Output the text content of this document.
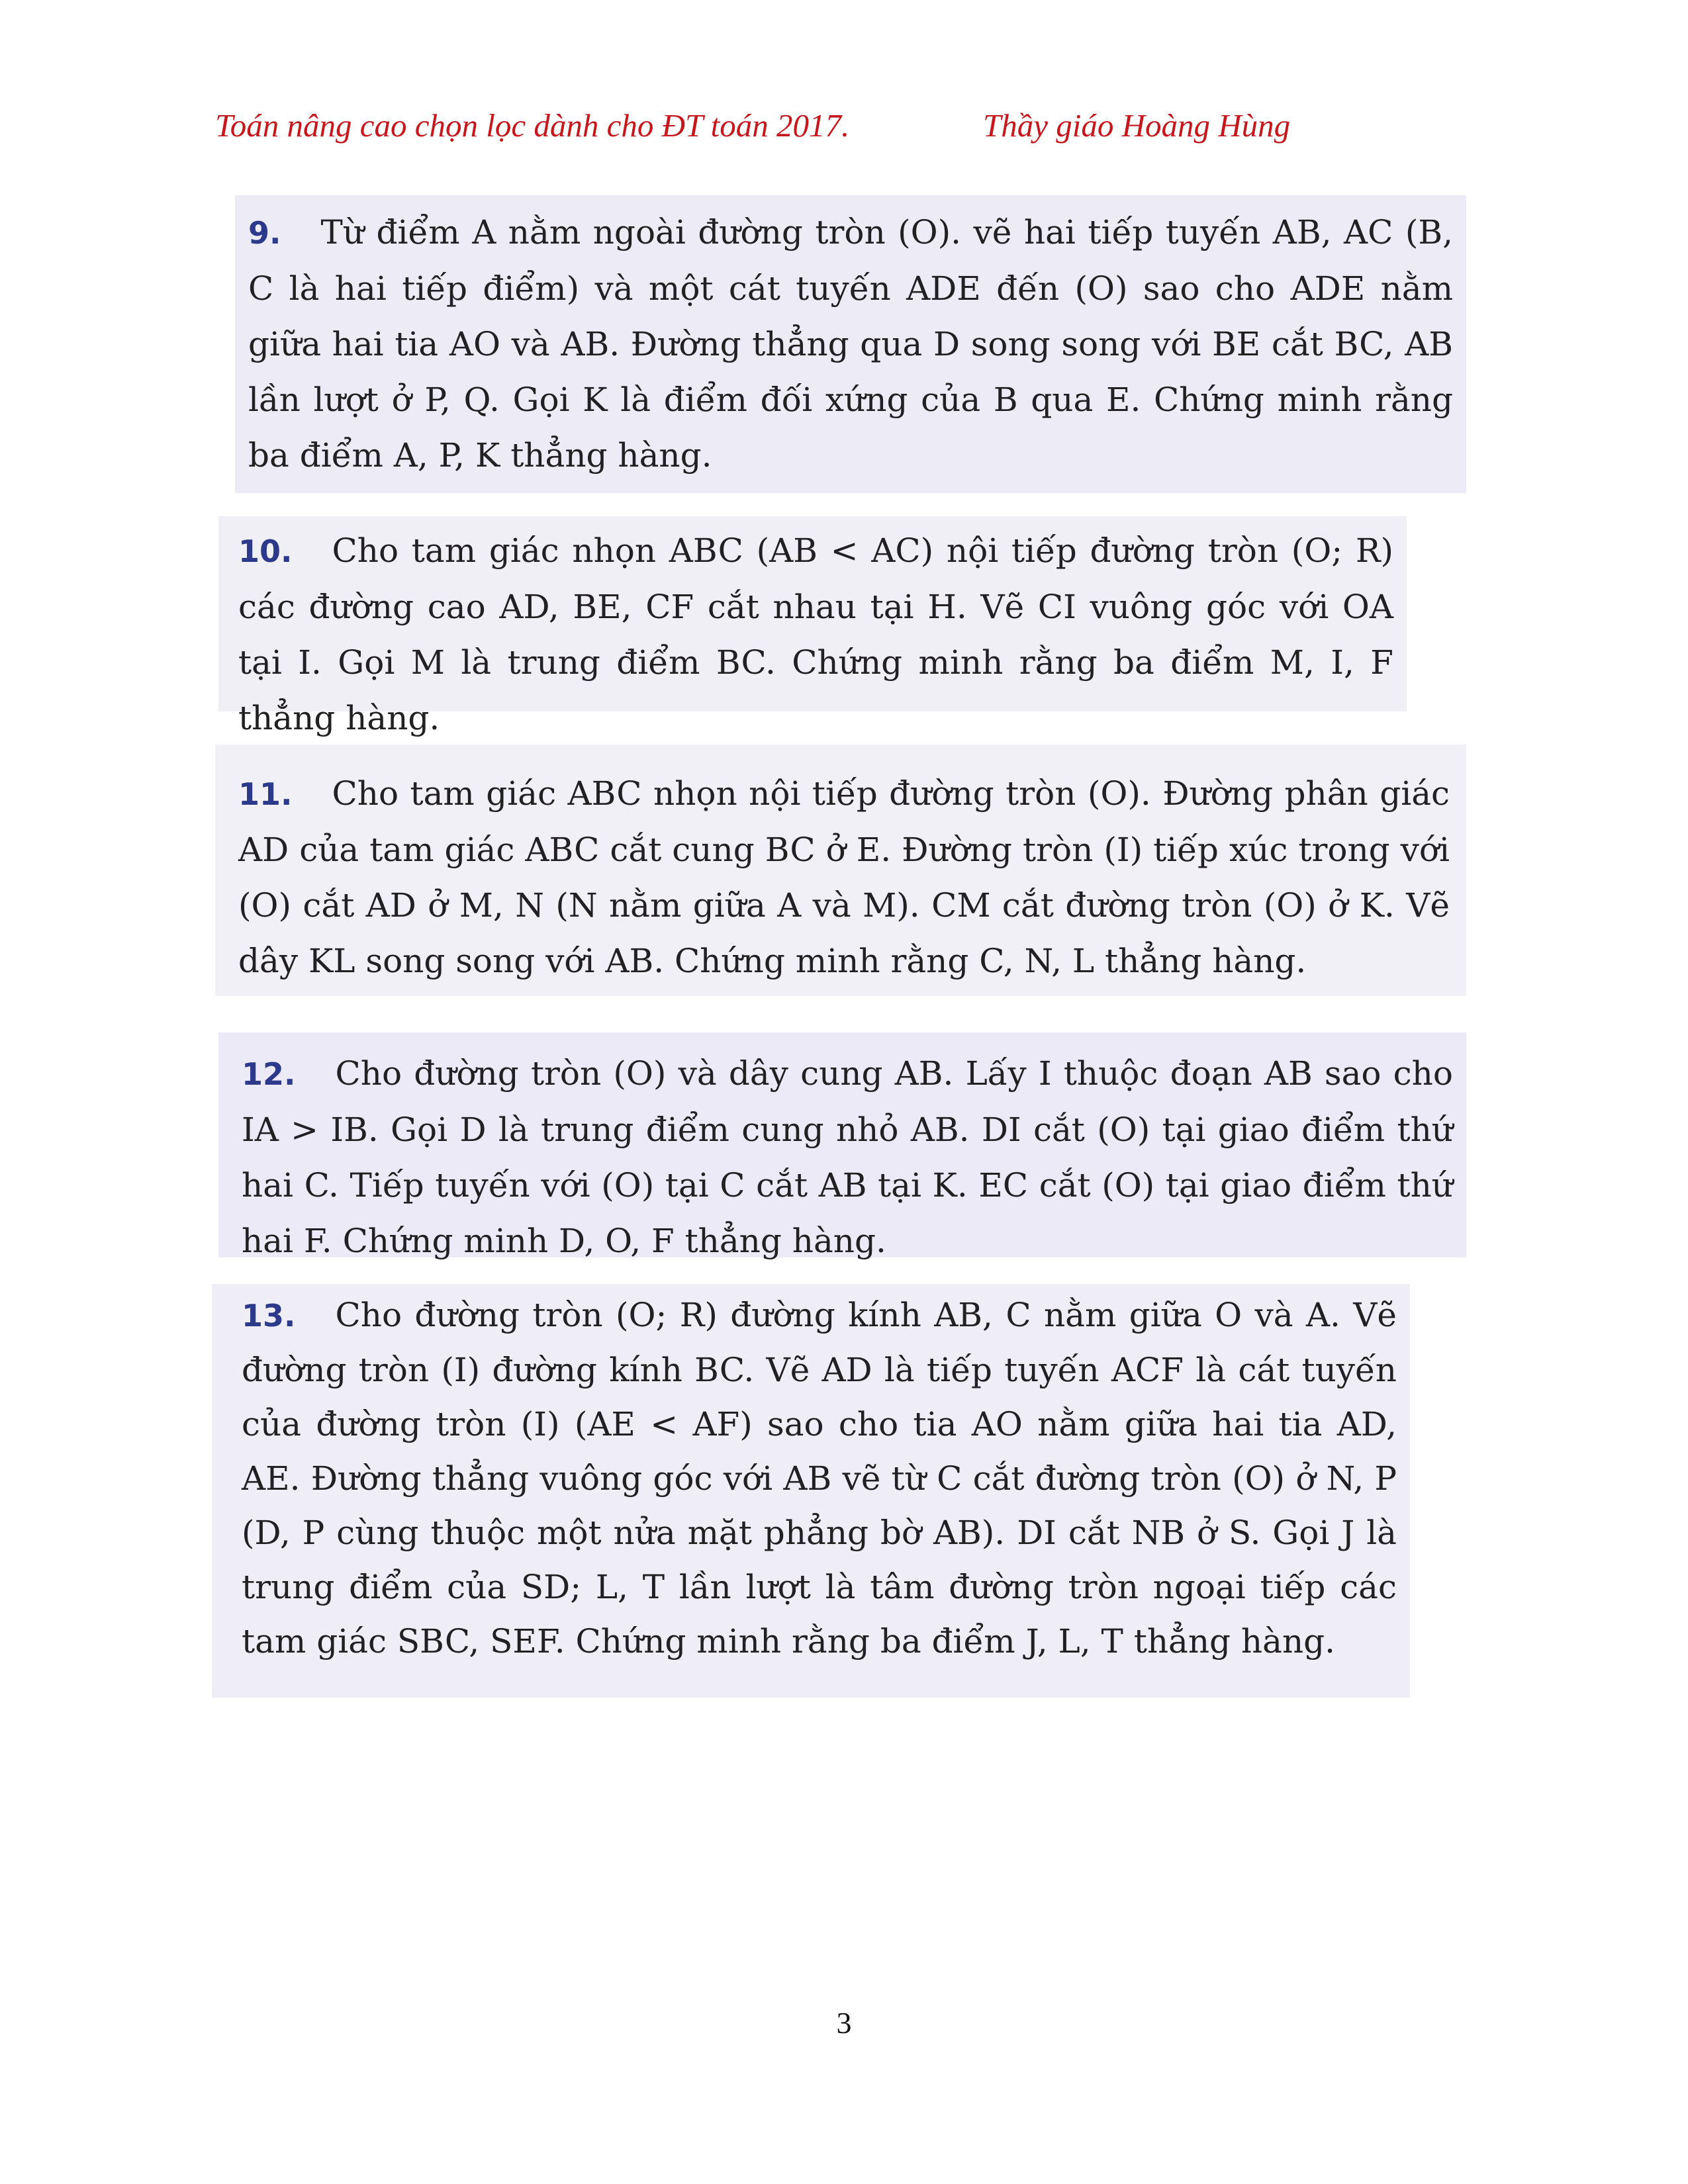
Toán nâng cao chọn lọc dành cho ĐT toán 2017.	Thầy giáo Hoàng Hùng

9. Từ điểm A nằm ngoài đường tròn (O). vẽ hai tiếp tuyến AB, AC (B, C là hai tiếp điểm) và một cát tuyến ADE đến (O) sao cho ADE nằm giữa hai tia AO và AB. Đường thẳng qua D song song với BE cắt BC, AB lần lượt ở P, Q. Gọi K là điểm đối xứng của B qua E. Chứng minh rằng ba điểm A, P, K thẳng hàng.

10. Cho tam giác nhọn ABC (AB < AC) nội tiếp đường tròn (O; R) các đường cao AD, BE, CF cắt nhau tại H. Vẽ CI vuông góc với OA tại I. Gọi M là trung điểm BC. Chứng minh rằng ba điểm M, I, F thẳng hàng.

11. Cho tam giác ABC nhọn nội tiếp đường tròn (O). Đường phân giác AD của tam giác ABC cắt cung BC ở E. Đường tròn (I) tiếp xúc trong với (O) cắt AD ở M, N (N nằm giữa A và M). CM cắt đường tròn (O) ở K. Vẽ dây KL song song với AB. Chứng minh rằng C, N, L thẳng hàng.

12. Cho đường tròn (O) và dây cung AB. Lấy I thuộc đoạn AB sao cho IA > IB. Gọi D là trung điểm cung nhỏ AB. DI cắt (O) tại giao điểm thứ hai C. Tiếp tuyến với (O) tại C cắt AB tại K. EC cắt (O) tại giao điểm thứ hai F. Chứng minh D, O, F thẳng hàng.

13. Cho đường tròn (O; R) đường kính AB, C nằm giữa O và A. Vẽ đường tròn (I) đường kính BC. Vẽ AD là tiếp tuyến ACF là cát tuyến của đường tròn (I) (AE < AF) sao cho tia AO nằm giữa hai tia AD, AE. Đường thẳng vuông góc với AB vẽ từ C cắt đường tròn (O) ở N, P (D, P cùng thuộc một nửa mặt phẳng bờ AB). DI cắt NB ở S. Gọi J là trung điểm của SD; L, T lần lượt là tâm đường tròn ngoại tiếp các tam giác SBC, SEF. Chứng minh rằng ba điểm J, L, T thẳng hàng.

3
